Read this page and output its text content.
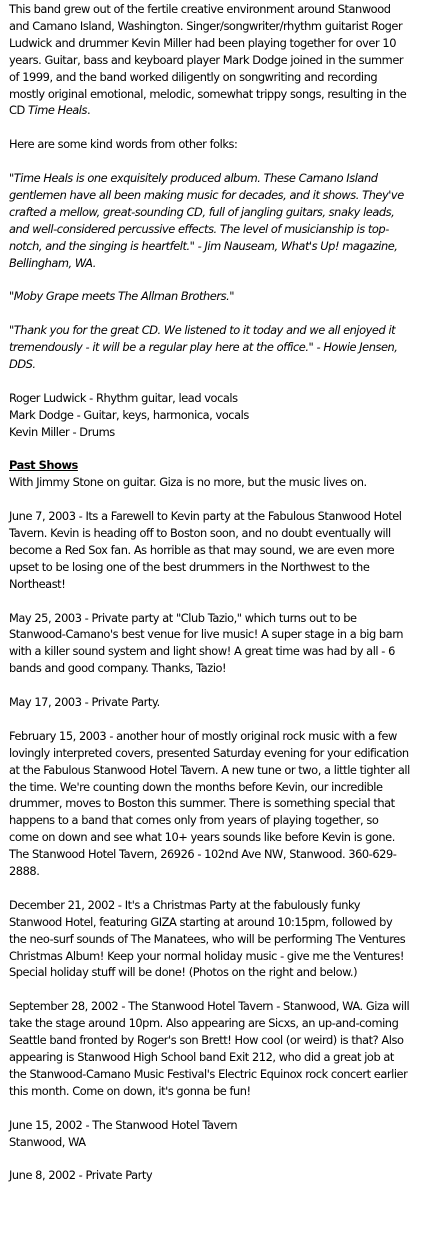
This band grew out of the fertile creative environment around Stanwood and Camano Island, Washington. Singer/songwriter/rhythm guitarist Roger Ludwick and drummer Kevin Miller had been playing together for over 10 years. Guitar, bass and keyboard player Mark Dodge joined in the summer of 1999, and the band worked diligently on songwriting and recording mostly original emotional, melodic, somewhat trippy songs, resulting in the CD Time Heals.

Here are some kind words from other folks:

"Time Heals is one exquisitely produced album. These Camano Island gentlemen have all been making music for decades, and it shows. They've crafted a mellow, great-sounding CD, full of jangling guitars, snaky leads, and well-considered percussive effects. The level of musicianship is top-notch, and the singing is heartfelt." - Jim Nauseam, What's Up! magazine, Bellingham, WA.

"Moby Grape meets The Allman Brothers."

"Thank you for the great CD. We listened to it today and we all enjoyed it tremendously - it will be a regular play here at the office." - Howie Jensen, DDS.

Roger Ludwick - Rhythm guitar, lead vocals
Mark Dodge - Guitar, keys, harmonica, vocals
Kevin Miller - Drums

Past Shows
With Jimmy Stone on guitar. Giza is no more, but the music lives on.

June 7, 2003 - Its a Farewell to Kevin party at the Fabulous Stanwood Hotel Tavern. Kevin is heading off to Boston soon, and no doubt eventually will become a Red Sox fan. As horrible as that may sound, we are even more upset to be losing one of the best drummers in the Northwest to the Northeast!

May 25, 2003 - Private party at "Club Tazio," which turns out to be Stanwood-Camano's best venue for live music! A super stage in a big barn with a killer sound system and light show! A great time was had by all - 6 bands and good company. Thanks, Tazio!

May 17, 2003 - Private Party.

February 15, 2003 - another hour of mostly original rock music with a few lovingly interpreted covers, presented Saturday evening for your edification at the Fabulous Stanwood Hotel Tavern. A new tune or two, a little tighter all the time. We're counting down the months before Kevin, our incredible drummer, moves to Boston this summer. There is something special that happens to a band that comes only from years of playing together, so come on down and see what 10+ years sounds like before Kevin is gone. The Stanwood Hotel Tavern, 26926 - 102nd Ave NW, Stanwood. 360-629-2888.

December 21, 2002 - It's a Christmas Party at the fabulously funky Stanwood Hotel, featuring GIZA starting at around 10:15pm, followed by the neo-surf sounds of The Manatees, who will be performing The Ventures Christmas Album! Keep your normal holiday music - give me the Ventures! Special holiday stuff will be done! (Photos on the right and below.)

September 28, 2002 - The Stanwood Hotel Tavern - Stanwood, WA. Giza will take the stage around 10pm. Also appearing are Sicxs, an up-and-coming Seattle band fronted by Roger's son Brett! How cool (or weird) is that? Also appearing is Stanwood High School band Exit 212, who did a great job at the Stanwood-Camano Music Festival's Electric Equinox rock concert earlier this month. Come on down, it's gonna be fun!

June 15, 2002 - The Stanwood Hotel Tavern
Stanwood, WA

June 8, 2002 - Private Party
